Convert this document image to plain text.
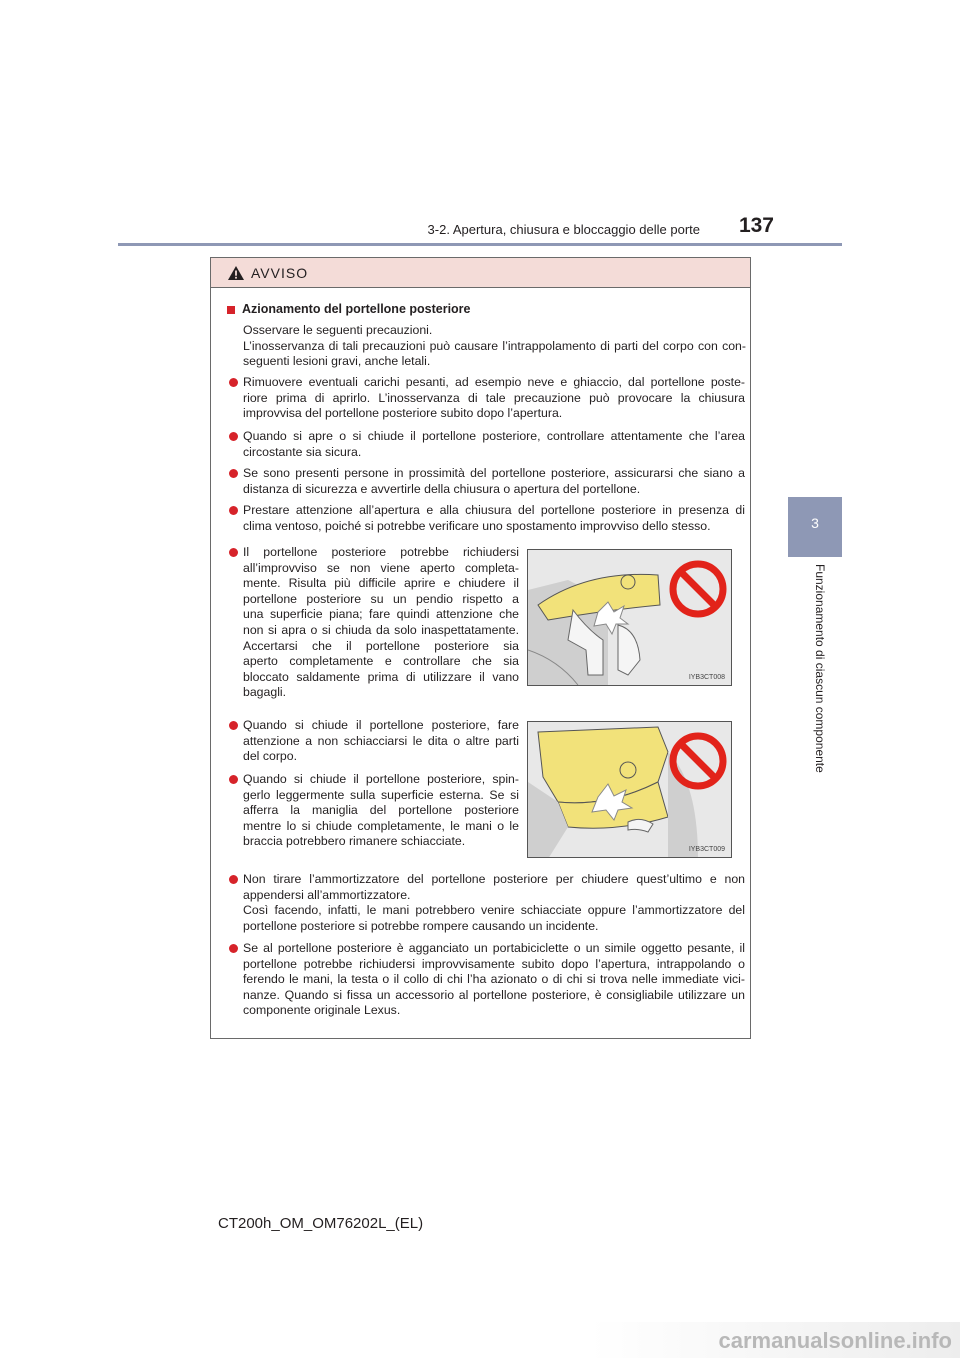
3-2. Apertura, chiusura e bloccaggio delle porte	137
3
Funzionamento di ciascun componente
AVVISO
Azionamento del portellone posteriore
Osservare le seguenti precauzioni.
L’inosservanza di tali precauzioni può causare l’intrappolamento di parti del corpo con con-
seguenti lesioni gravi, anche letali.
Rimuovere eventuali carichi pesanti, ad esempio neve e ghiaccio, dal portellone poste-
riore prima di aprirlo. L’inosservanza di tale precauzione può provocare la chiusura
improvvisa del portellone posteriore subito dopo l’apertura.
Quando si apre o si chiude il portellone posteriore, controllare attentamente che l’area
circostante sia sicura.
Se sono presenti persone in prossimità del portellone posteriore, assicurarsi che siano a
distanza di sicurezza e avvertirle della chiusura o apertura del portellone.
Prestare attenzione all’apertura e alla chiusura del portellone posteriore in presenza di
clima ventoso, poiché si potrebbe verificare uno spostamento improvviso dello stesso.
Il portellone posteriore potrebbe richiudersi
all’improvviso se non viene aperto completa-
mente. Risulta più difficile aprire e chiudere il
portellone posteriore su un pendio rispetto a
una superficie piana; fare quindi attenzione che
non si apra o si chiuda da solo inaspettatamente.
Accertarsi che il portellone posteriore sia
aperto completamente e controllare che sia
bloccato saldamente prima di utilizzare il vano
bagagli.
Quando si chiude il portellone posteriore, fare
attenzione a non schiacciarsi le dita o altre parti
del corpo.
Quando si chiude il portellone posteriore, spin-
gerlo leggermente sulla superficie esterna. Se si
afferra la maniglia del portellone posteriore
mentre lo si chiude completamente, le mani o le
braccia potrebbero rimanere schiacciate.
Non tirare l’ammortizzatore del portellone posteriore per chiudere quest’ultimo e non
appendersi all’ammortizzatore.
Così facendo, infatti, le mani potrebbero venire schiacciate oppure l’ammortizzatore del
portellone posteriore si potrebbe rompere causando un incidente.
Se al portellone posteriore è agganciato un portabiciclette o un simile oggetto pesante, il
portellone potrebbe richiudersi improvvisamente subito dopo l’apertura, intrappolando o
ferendo le mani, la testa o il collo di chi l’ha azionato o di chi si trova nelle immediate vici-
nanze. Quando si fissa un accessorio al portellone posteriore, è consigliabile utilizzare un
componente originale Lexus.
IYB3CT008
IYB3CT009
CT200h_OM_OM76202L_(EL)
carmanualsonline.info
